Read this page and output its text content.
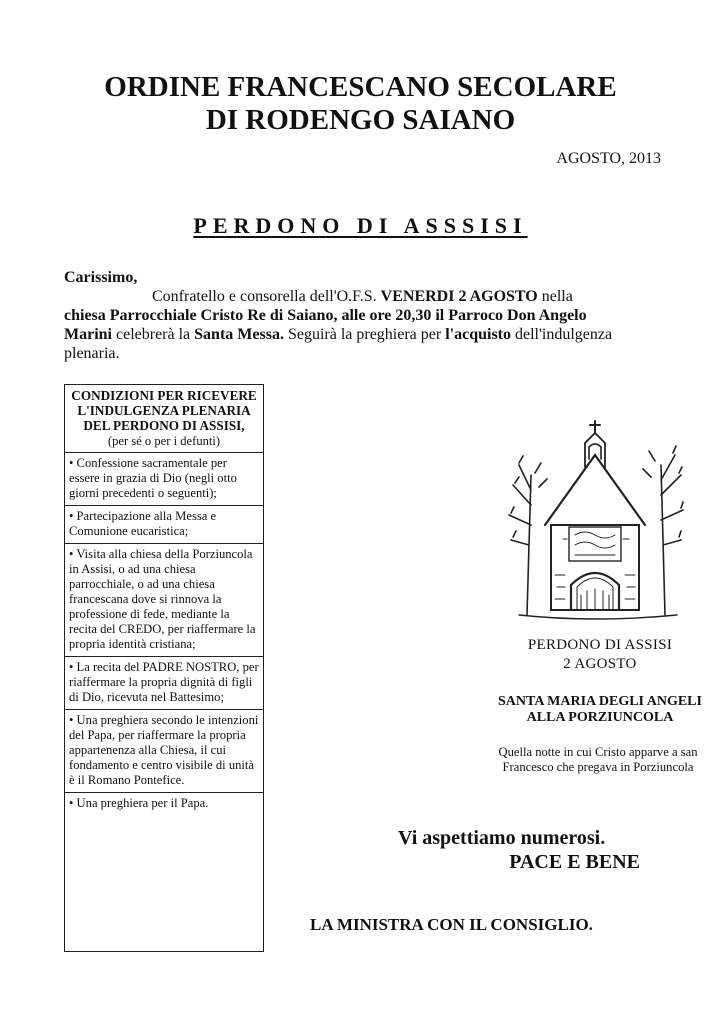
ORDINE FRANCESCANO SECOLARE
DI RODENGO SAIANO
AGOSTO, 2013
PERDONO DI ASSSISI

Carissimo,

Confratello e consorella dell'O.F.S. VENERDI 2 AGOSTO nella

chiesa Parrocchiale Cristo Re di Saiano, alle ore 20,30 il Parroco Don Angelo

Marini celebrerà la Santa Messa. Seguirà la preghiera per l'acquisto dell'indulgenza

plenaria.

CONDIZIONI PER RICEVERE L'INDULGENZA PLENARIA DEL PERDONO DI ASSISI,
(per sé o per i defunti)
• Confessione sacramentale per essere in grazia di Dio (negli otto giorni precedenti o seguenti);
• Partecipazione alla Messa e Comunione eucaristica;
• Visita alla chiesa della Porziuncola in Assisi, o ad una chiesa parrocchiale, o ad una chiesa francescana dove si rinnova la professione di fede, mediante la recita del CREDO, per riaffermare la propria identità cristiana;
• La recita del PADRE NOSTRO, per riaffermare la propria dignità di figli di Dio, ricevuta nel Battesimo;
• Una preghiera secondo le intenzioni del Papa, per riaffermare la propria appartenenza alla Chiesa, il cui fondamento e centro visibile di unità è il Romano Pontefice.
• Una preghiera per il Papa.
PERDONO DI ASSISI
2 AGOSTO
SANTA MARIA DEGLI ANGELI ALLA PORZIUNCOLA
Quella notte in cui Cristo apparve a san Francesco che pregava in Porziuncola
Vi aspettiamo numerosi.
PACE E BENE
LA MINISTRA CON IL CONSIGLIO.
